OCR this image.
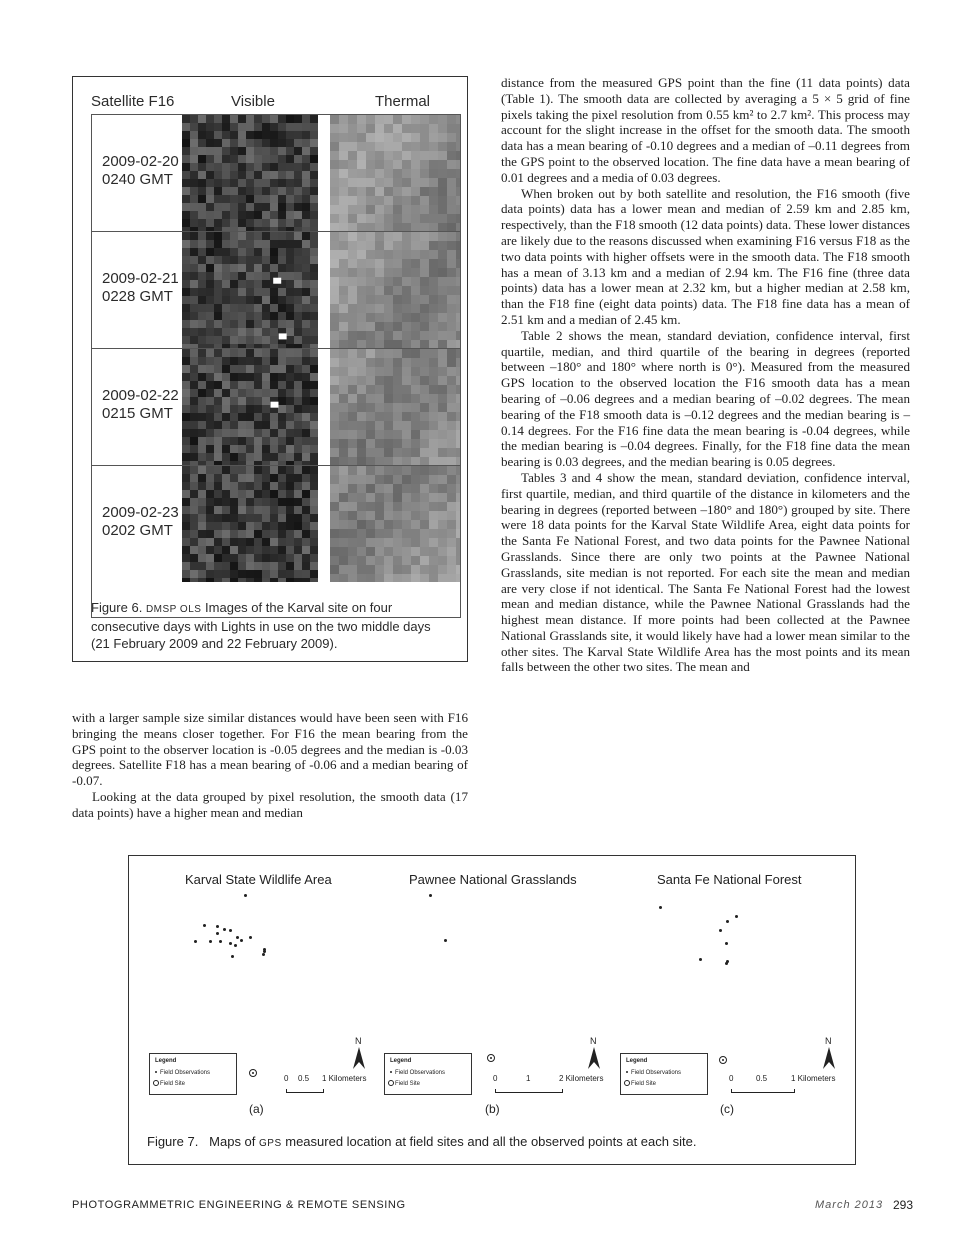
Satellite F16	Visible	Thermal
2009-02-20
0240 GMT
2009-02-21
0228 GMT
2009-02-22
0215 GMT
2009-02-23
0202 GMT
Figure 6. DMSP OLS Images of the Karval site on four consecutive days with Lights in use on the two middle days (21 February 2009 and 22 February 2009).

with a larger sample size similar distances would have been seen with F16 bringing the means closer together. For F16 the mean bearing from the GPS point to the observer location is -0.05 degrees and the median is -0.03 degrees. Satellite F18 has a mean bearing of -0.06 and a median bearing of -0.07.

Looking at the data grouped by pixel resolution, the smooth data (17 data points) have a higher mean and median

distance from the measured GPS point than the fine (11 data points) data (Table 1). The smooth data are collected by averaging a 5 × 5 grid of fine pixels taking the pixel resolution from 0.55 km² to 2.7 km². This process may account for the slight increase in the offset for the smooth data. The smooth data has a mean bearing of -0.10 degrees and a median of –0.11 degrees from the GPS point to the observed location. The fine data have a mean bearing of 0.01 degrees and a media of 0.03 degrees.

When broken out by both satellite and resolution, the F16 smooth (five data points) data has a lower mean and median of 2.59 km and 2.85 km, respectively, than the F18 smooth (12 data points) data. These lower distances are likely due to the reasons discussed when examining F16 versus F18 as the two data points with higher offsets were in the smooth data. The F18 smooth has a mean of 3.13 km and a median of 2.94 km. The F16 fine (three data points) data has a lower mean at 2.32 km, but a higher median at 2.58 km, than the F18 fine (eight data points) data. The F18 fine data has a mean of 2.51 km and a median of 2.45 km.

Table 2 shows the mean, standard deviation, confidence interval, first quartile, median, and third quartile of the bearing in degrees (reported between –180° and 180° where north is 0°). Measured from the measured GPS location to the observed location the F16 smooth data has a mean bearing of –0.06 degrees and a median bearing of –0.02 degrees. The mean bearing of the F18 smooth data is –0.12 degrees and the median bearing is –0.14 degrees. For the F16 fine data the mean bearing is -0.04 degrees, while the median bearing is –0.04 degrees. Finally, for the F18 fine data the mean bearing is 0.03 degrees, and the median bearing is 0.05 degrees.

Tables 3 and 4 show the mean, standard deviation, confidence interval, first quartile, median, and third quartile of the distance in kilometers and the bearing in degrees (reported between –180° and 180°) grouped by site. There were 18 data points for the Karval State Wildlife Area, eight data points for the Santa Fe National Forest, and two data points for the Pawnee National Grasslands. Since there are only two points at the Pawnee National Grasslands, site median is not reported. For each site the mean and median are very close if not identical. The Santa Fe National Forest had the lowest mean and median distance, while the Pawnee National Grasslands had the highest mean distance. If more points had been collected at the Pawnee National Grasslands site, it would likely have had a lower mean similar to the other sites. The Karval State Wildlife Area has the most points and its mean falls between the other two sites. The mean and

Karval State Wildlife Area
Legend
Field Observations
Field Site
0 0.5 1 Kilometers
N
(a)
Pawnee National Grasslands
Legend
Field Observations
Field Site
0	1	2 Kilometers
N
(b)
Santa Fe National Forest
Legend
Field Observations
Field Site
0	0.5	1 Kilometers
N
(c)
Figure 7. Maps of GPS measured location at field sites and all the observed points at each site.
PHOTOGRAMMETRIC ENGINEERING & REMOTE SENSING	March 2013 293
